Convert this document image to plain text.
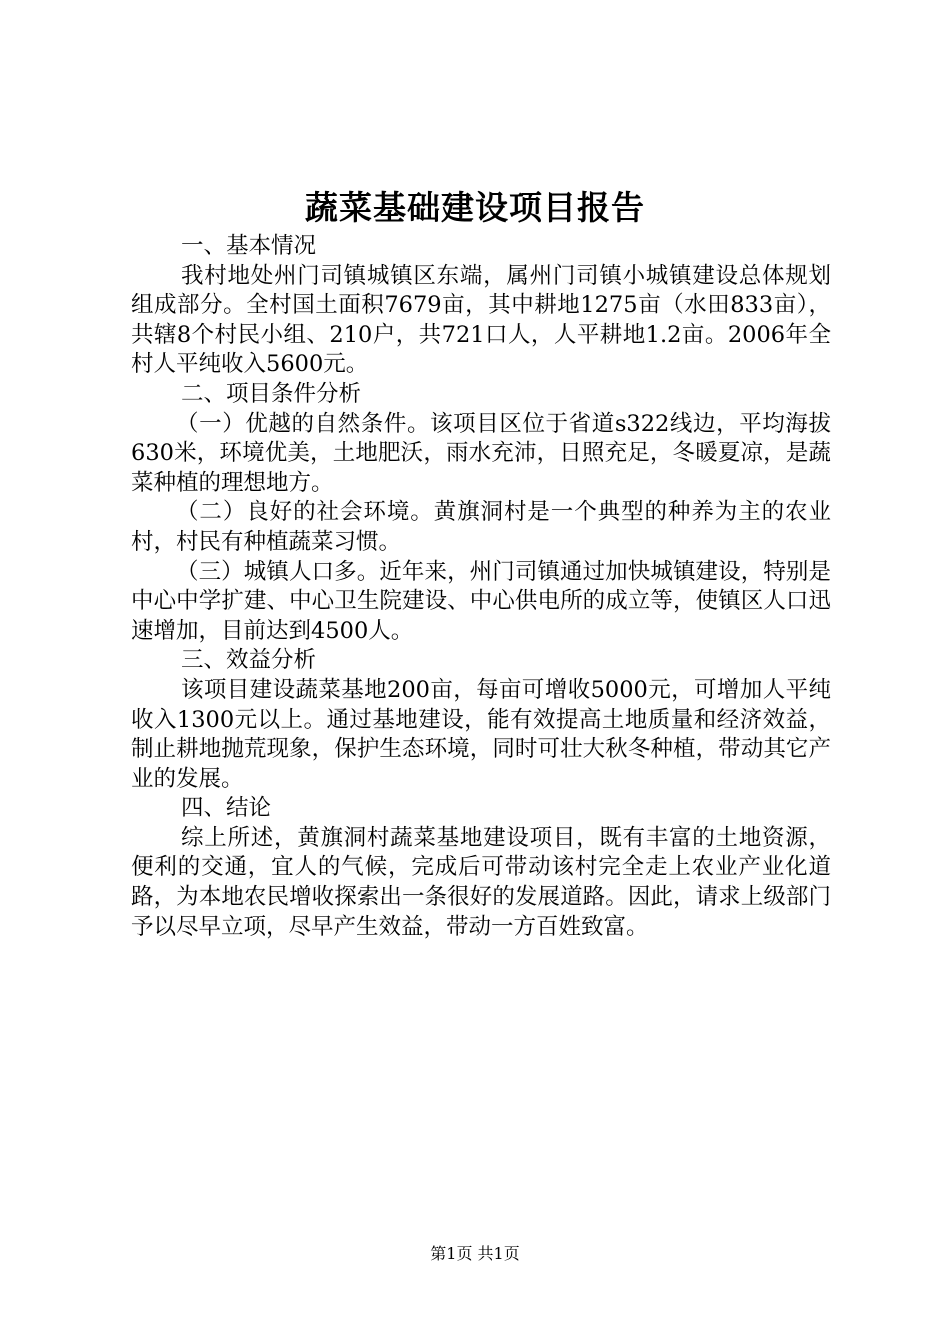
蔬菜基础建设项目报告
一、基本情况

我村地处州门司镇城镇区东端，属州门司镇小城镇建设总体规划组成部分。全村国土面积7679亩，其中耕地1275亩（水田833亩），共辖8个村民小组、210户，共721口人，人平耕地1.2亩。2006年全村人平纯收入5600元。

二、项目条件分析

（一）优越的自然条件。该项目区位于省道s322线边，平均海拔630米，环境优美，土地肥沃，雨水充沛，日照充足，冬暖夏凉，是蔬菜种植的理想地方。

（二）良好的社会环境。黄旗洞村是一个典型的种养为主的农业村，村民有种植蔬菜习惯。

（三）城镇人口多。近年来，州门司镇通过加快城镇建设，特别是中心中学扩建、中心卫生院建设、中心供电所的成立等，使镇区人口迅速增加，目前达到4500人。

三、效益分析

该项目建设蔬菜基地200亩，每亩可增收5000元，可增加人平纯收入1300元以上。通过基地建设，能有效提高土地质量和经济效益，制止耕地抛荒现象，保护生态环境，同时可壮大秋冬种植，带动其它产业的发展。

四、结论

综上所述，黄旗洞村蔬菜基地建设项目，既有丰富的土地资源，便利的交通，宜人的气候，完成后可带动该村完全走上农业产业化道路，为本地农民增收探索出一条很好的发展道路。因此，请求上级部门予以尽早立项，尽早产生效益，带动一方百姓致富。

第1页 共1页
